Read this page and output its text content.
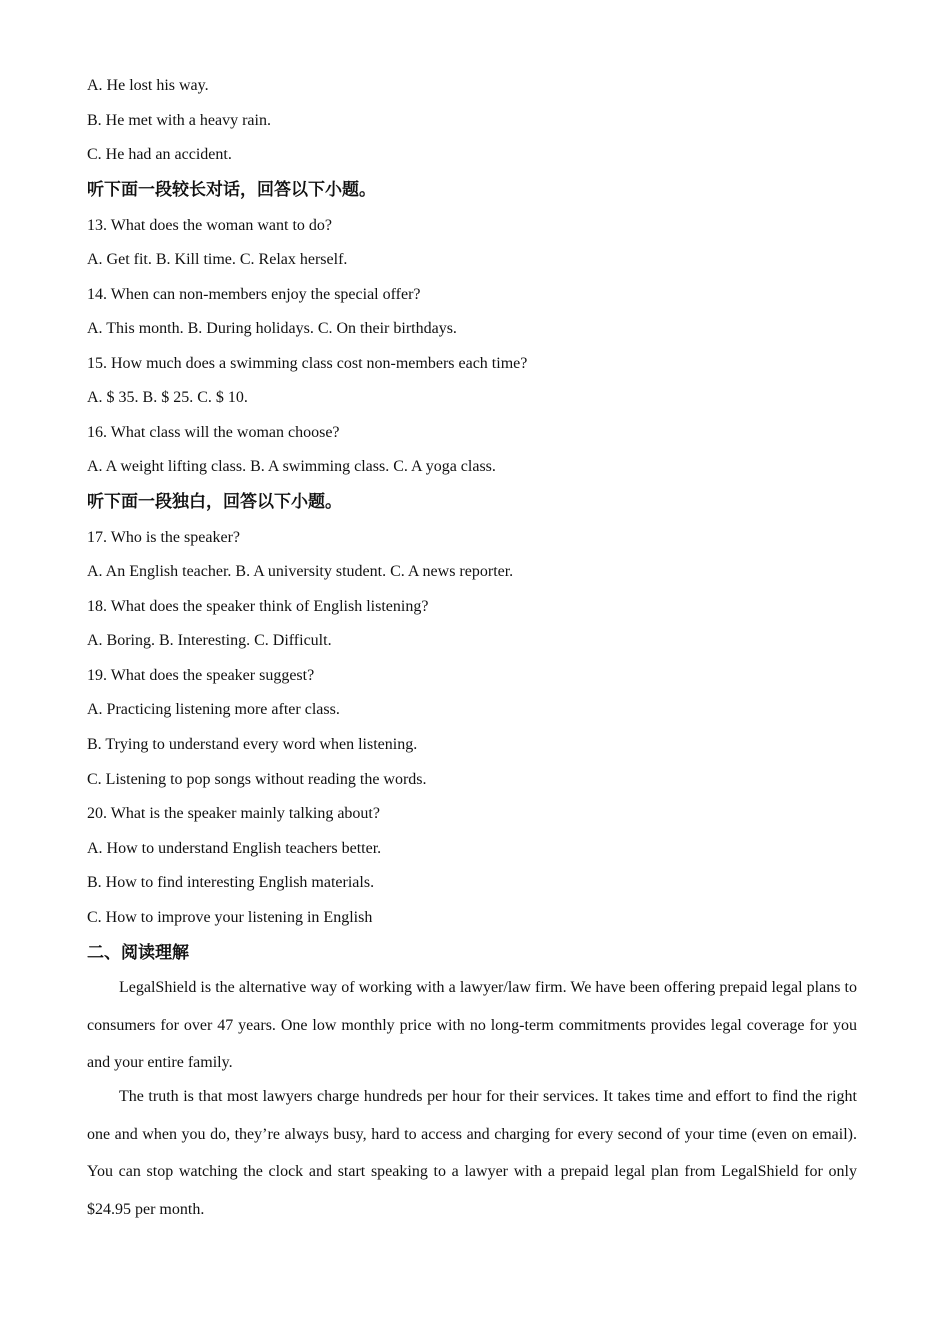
A. He lost his way.
B. He met with a heavy rain.
C. He had an accident.
听下面一段较长对话，回答以下小题。
13. What does the woman want to do?
A. Get fit. B. Kill time. C. Relax herself.
14. When can non-members enjoy the special offer?
A. This month. B. During holidays. C. On their birthdays.
15. How much does a swimming class cost non-members each time?
A. $ 35. B. $ 25. C. $ 10.
16. What class will the woman choose?
A. A weight lifting class. B. A swimming class. C. A yoga class.
听下面一段独白，回答以下小题。
17. Who is the speaker?
A. An English teacher. B. A university student. C. A news reporter.
18. What does the speaker think of English listening?
A. Boring. B. Interesting. C. Difficult.
19. What does the speaker suggest?
A. Practicing listening more after class.
B. Trying to understand every word when listening.
C. Listening to pop songs without reading the words.
20. What is the speaker mainly talking about?
A. How to understand English teachers better.
B. How to find interesting English materials.
C. How to improve your listening in English
二、阅读理解

LegalShield is the alternative way of working with a lawyer/law firm. We have been offering prepaid legal plans to consumers for over 47 years. One low monthly price with no long-term commitments provides legal coverage for you and your entire family.

The truth is that most lawyers charge hundreds per hour for their services. It takes time and effort to find the right one and when you do, they’re always busy, hard to access and charging for every second of your time (even on email). You can stop watching the clock and start speaking to a lawyer with a prepaid legal plan from LegalShield for only $24.95 per month.
